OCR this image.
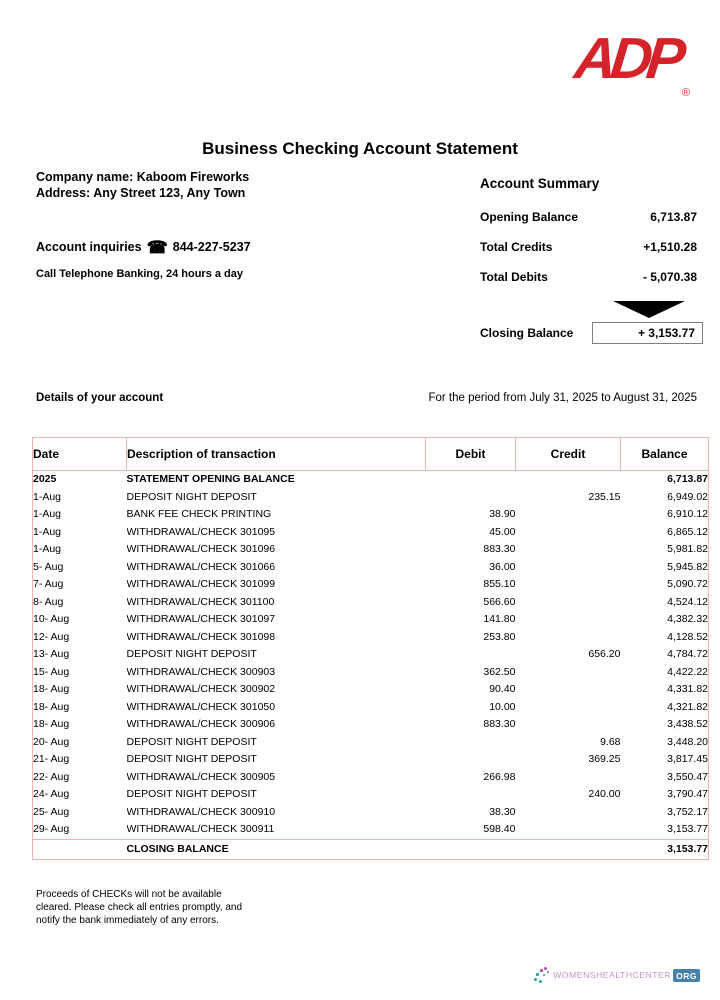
$ADP_®$
Business Checking Account Statement
Company name: Kaboom Fireworks
Address: Any Street 123, Any Town
Account inquiries ☎ 844-227-5237
Call Telephone Banking, 24 hours a day
Account Summary
Opening Balance	6,713.87
Total Credits	+1,510.28
Total Debits	- 5,070.38
Closing Balance	+ 3,153.77
Details of your account	For the period from July 31, 2025 to August 31, 2025
Date	Description of transaction	Debit	Credit	Balance
2025	STATEMENT OPENING BALANCE			6,713.87
1-Aug	DEPOSIT NIGHT DEPOSIT		235.15	6,949.02
1-Aug	BANK FEE CHECK PRINTING	38.90		6,910.12
1-Aug	WITHDRAWAL/CHECK 301095	45.00		6,865.12
1-Aug	WITHDRAWAL/CHECK 301096	883.30		5,981.82
5- Aug	WITHDRAWAL/CHECK 301066	36.00		5,945.82
7- Aug	WITHDRAWAL/CHECK 301099	855.10		5,090.72
8- Aug	WITHDRAWAL/CHECK 301100	566.60		4,524.12
10- Aug	WITHDRAWAL/CHECK 301097	141.80		4,382.32
12- Aug	WITHDRAWAL/CHECK 301098	253.80		4,128.52
13- Aug	DEPOSIT NIGHT DEPOSIT		656.20	4,784.72
15- Aug	WITHDRAWAL/CHECK 300903	362.50		4,422.22
18- Aug	WITHDRAWAL/CHECK 300902	90.40		4,331.82
18- Aug	WITHDRAWAL/CHECK 301050	10.00		4,321.82
18- Aug	WITHDRAWAL/CHECK 300906	883.30		3,438.52
20- Aug	DEPOSIT NIGHT DEPOSIT		9.68	3,448.20
21- Aug	DEPOSIT NIGHT DEPOSIT		369.25	3,817.45
22- Aug	WITHDRAWAL/CHECK 300905	266.98		3,550.47
24- Aug	DEPOSIT NIGHT DEPOSIT		240.00	3,790.47
25- Aug	WITHDRAWAL/CHECK 300910	38.30		3,752.17
29- Aug	WITHDRAWAL/CHECK 300911	598.40		3,153.77
	CLOSING BALANCE			3,153.77
Proceeds of CHECKs will not be available
cleared. Please check all entries promptly, and
notify the bank immediately of any errors.
WOMENSHEALTHCENTER ORG
